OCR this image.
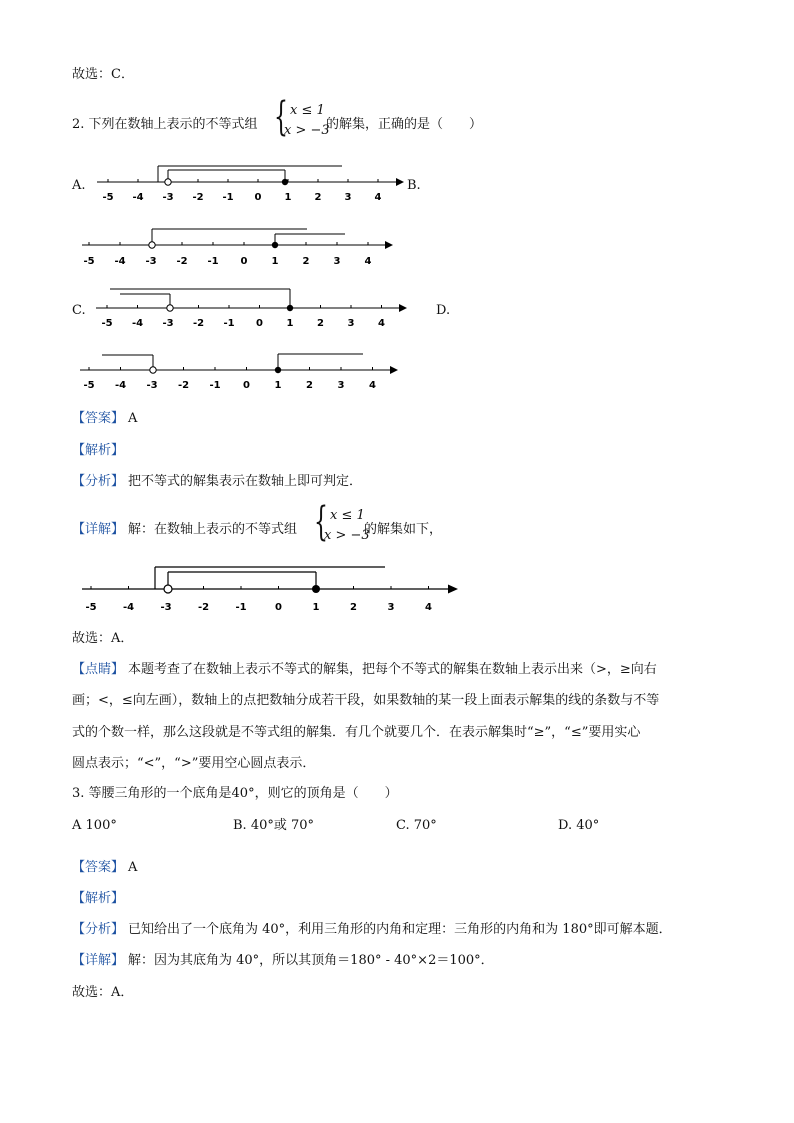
故选：C．
2. 下列在数轴上表示的不等式组 { x ≤ 1
x > −3
的解集，正确的是（　　）
A.	B.
C.	D.
-5 -4 -3 -2 -1 0 1 2 3 4
-5 -4 -3 -2 -1 0 1 2 3 4
-5 -4 -3 -2 -1 0 1 2 3 4
-5 -4 -3 -2 -1 0 1 2 3 4
【答案】 A
【解析】
【分析】 把不等式的解集表示在数轴上即可判定．
【详解】 解：在数轴上表示的不等式组 { x ≤ 1
x > −3
的解集如下，
-5	-4	-3	-2	-1	0	1	2	3	4
故选：A．
【点睛】 本题考查了在数轴上表示不等式的解集，把每个不等式的解集在数轴上表示出来（>，≥向右
画；<，≤向左画），数轴上的点把数轴分成若干段，如果数轴的某一段上面表示解集的线的条数与不等
式的个数一样，那么这段就是不等式组的解集．有几个就要几个．在表示解集时“≥”，“≤”要用实心
圆点表示；“<”，“>”要用空心圆点表示．
3. 等腰三角形的一个底角是40°，则它的顶角是（　　）
A 100°	B. 40°或 70°	C. 70°	D. 40°
【答案】 A
【解析】
【分析】 已知给出了一个底角为 40°，利用三角形的内角和定理：三角形的内角和为 180°即可解本题．
【详解】 解：因为其底角为 40°，所以其顶角＝180° - 40°×2＝100°．
故选：A．
